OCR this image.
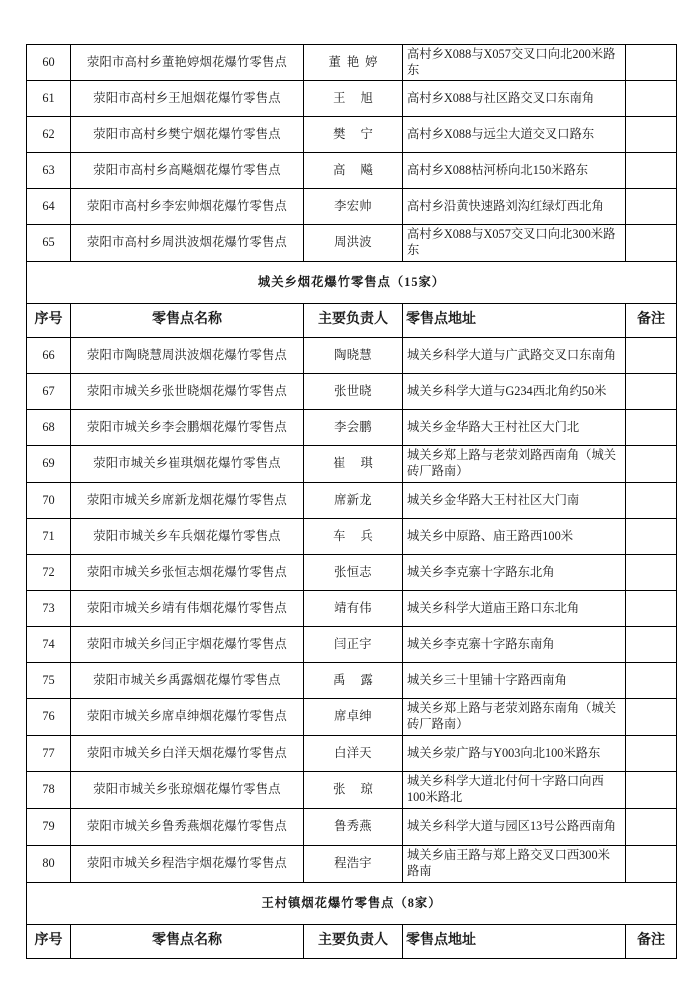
60	荥阳市高村乡董艳婷烟花爆竹零售点	董艳婷	高村乡X088与X057交叉口向北200米路东	
61	荥阳市高村乡王旭烟花爆竹零售点	王 旭	高村乡X088与社区路交叉口东南角	
62	荥阳市高村乡樊宁烟花爆竹零售点	樊 宁	高村乡X088与远尘大道交叉口路东	
63	荥阳市高村乡高飚烟花爆竹零售点	高 飚	高村乡X088枯河桥向北150米路东	
64	荥阳市高村乡李宏帅烟花爆竹零售点	李宏帅	高村乡沿黄快速路刘沟红绿灯西北角	
65	荥阳市高村乡周洪波烟花爆竹零售点	周洪波	高村乡X088与X057交叉口向北300米路东	
城关乡烟花爆竹零售点（15家）				
序号	零售点名称	主要负责人	零售点地址	备注
66	荥阳市陶晓慧周洪波烟花爆竹零售点	陶晓慧	城关乡科学大道与广武路交叉口东南角	
67	荥阳市城关乡张世晓烟花爆竹零售点	张世晓	城关乡科学大道与G234西北角约50米	
68	荥阳市城关乡李会鹏烟花爆竹零售点	李会鹏	城关乡金华路大王村社区大门北	
69	荥阳市城关乡崔琪烟花爆竹零售点	崔 琪	城关乡郑上路与老荥刘路西南角（城关砖厂路南）	
70	荥阳市城关乡席新龙烟花爆竹零售点	席新龙	城关乡金华路大王村社区大门南	
71	荥阳市城关乡车兵烟花爆竹零售点	车 兵	城关乡中原路、庙王路西100米	
72	荥阳市城关乡张恒志烟花爆竹零售点	张恒志	城关乡李克寨十字路东北角	
73	荥阳市城关乡靖有伟烟花爆竹零售点	靖有伟	城关乡科学大道庙王路口东北角	
74	荥阳市城关乡闫正宇烟花爆竹零售点	闫正宇	城关乡李克寨十字路东南角	
75	荥阳市城关乡禹露烟花爆竹零售点	禹 露	城关乡三十里铺十字路西南角	
76	荥阳市城关乡席卓绅烟花爆竹零售点	席卓绅	城关乡郑上路与老荥刘路东南角（城关砖厂路南）	
77	荥阳市城关乡白洋天烟花爆竹零售点	白洋天	城关乡荥广路与Y003向北100米路东	
78	荥阳市城关乡张琼烟花爆竹零售点	张 琼	城关乡科学大道北付何十字路口向西100米路北	
79	荥阳市城关乡鲁秀燕烟花爆竹零售点	鲁秀燕	城关乡科学大道与园区13号公路西南角	
80	荥阳市城关乡程浩宇烟花爆竹零售点	程浩宇	城关乡庙王路与郑上路交叉口西300米路南	
王村镇烟花爆竹零售点（8家）				
序号	零售点名称	主要负责人	零售点地址	备注
